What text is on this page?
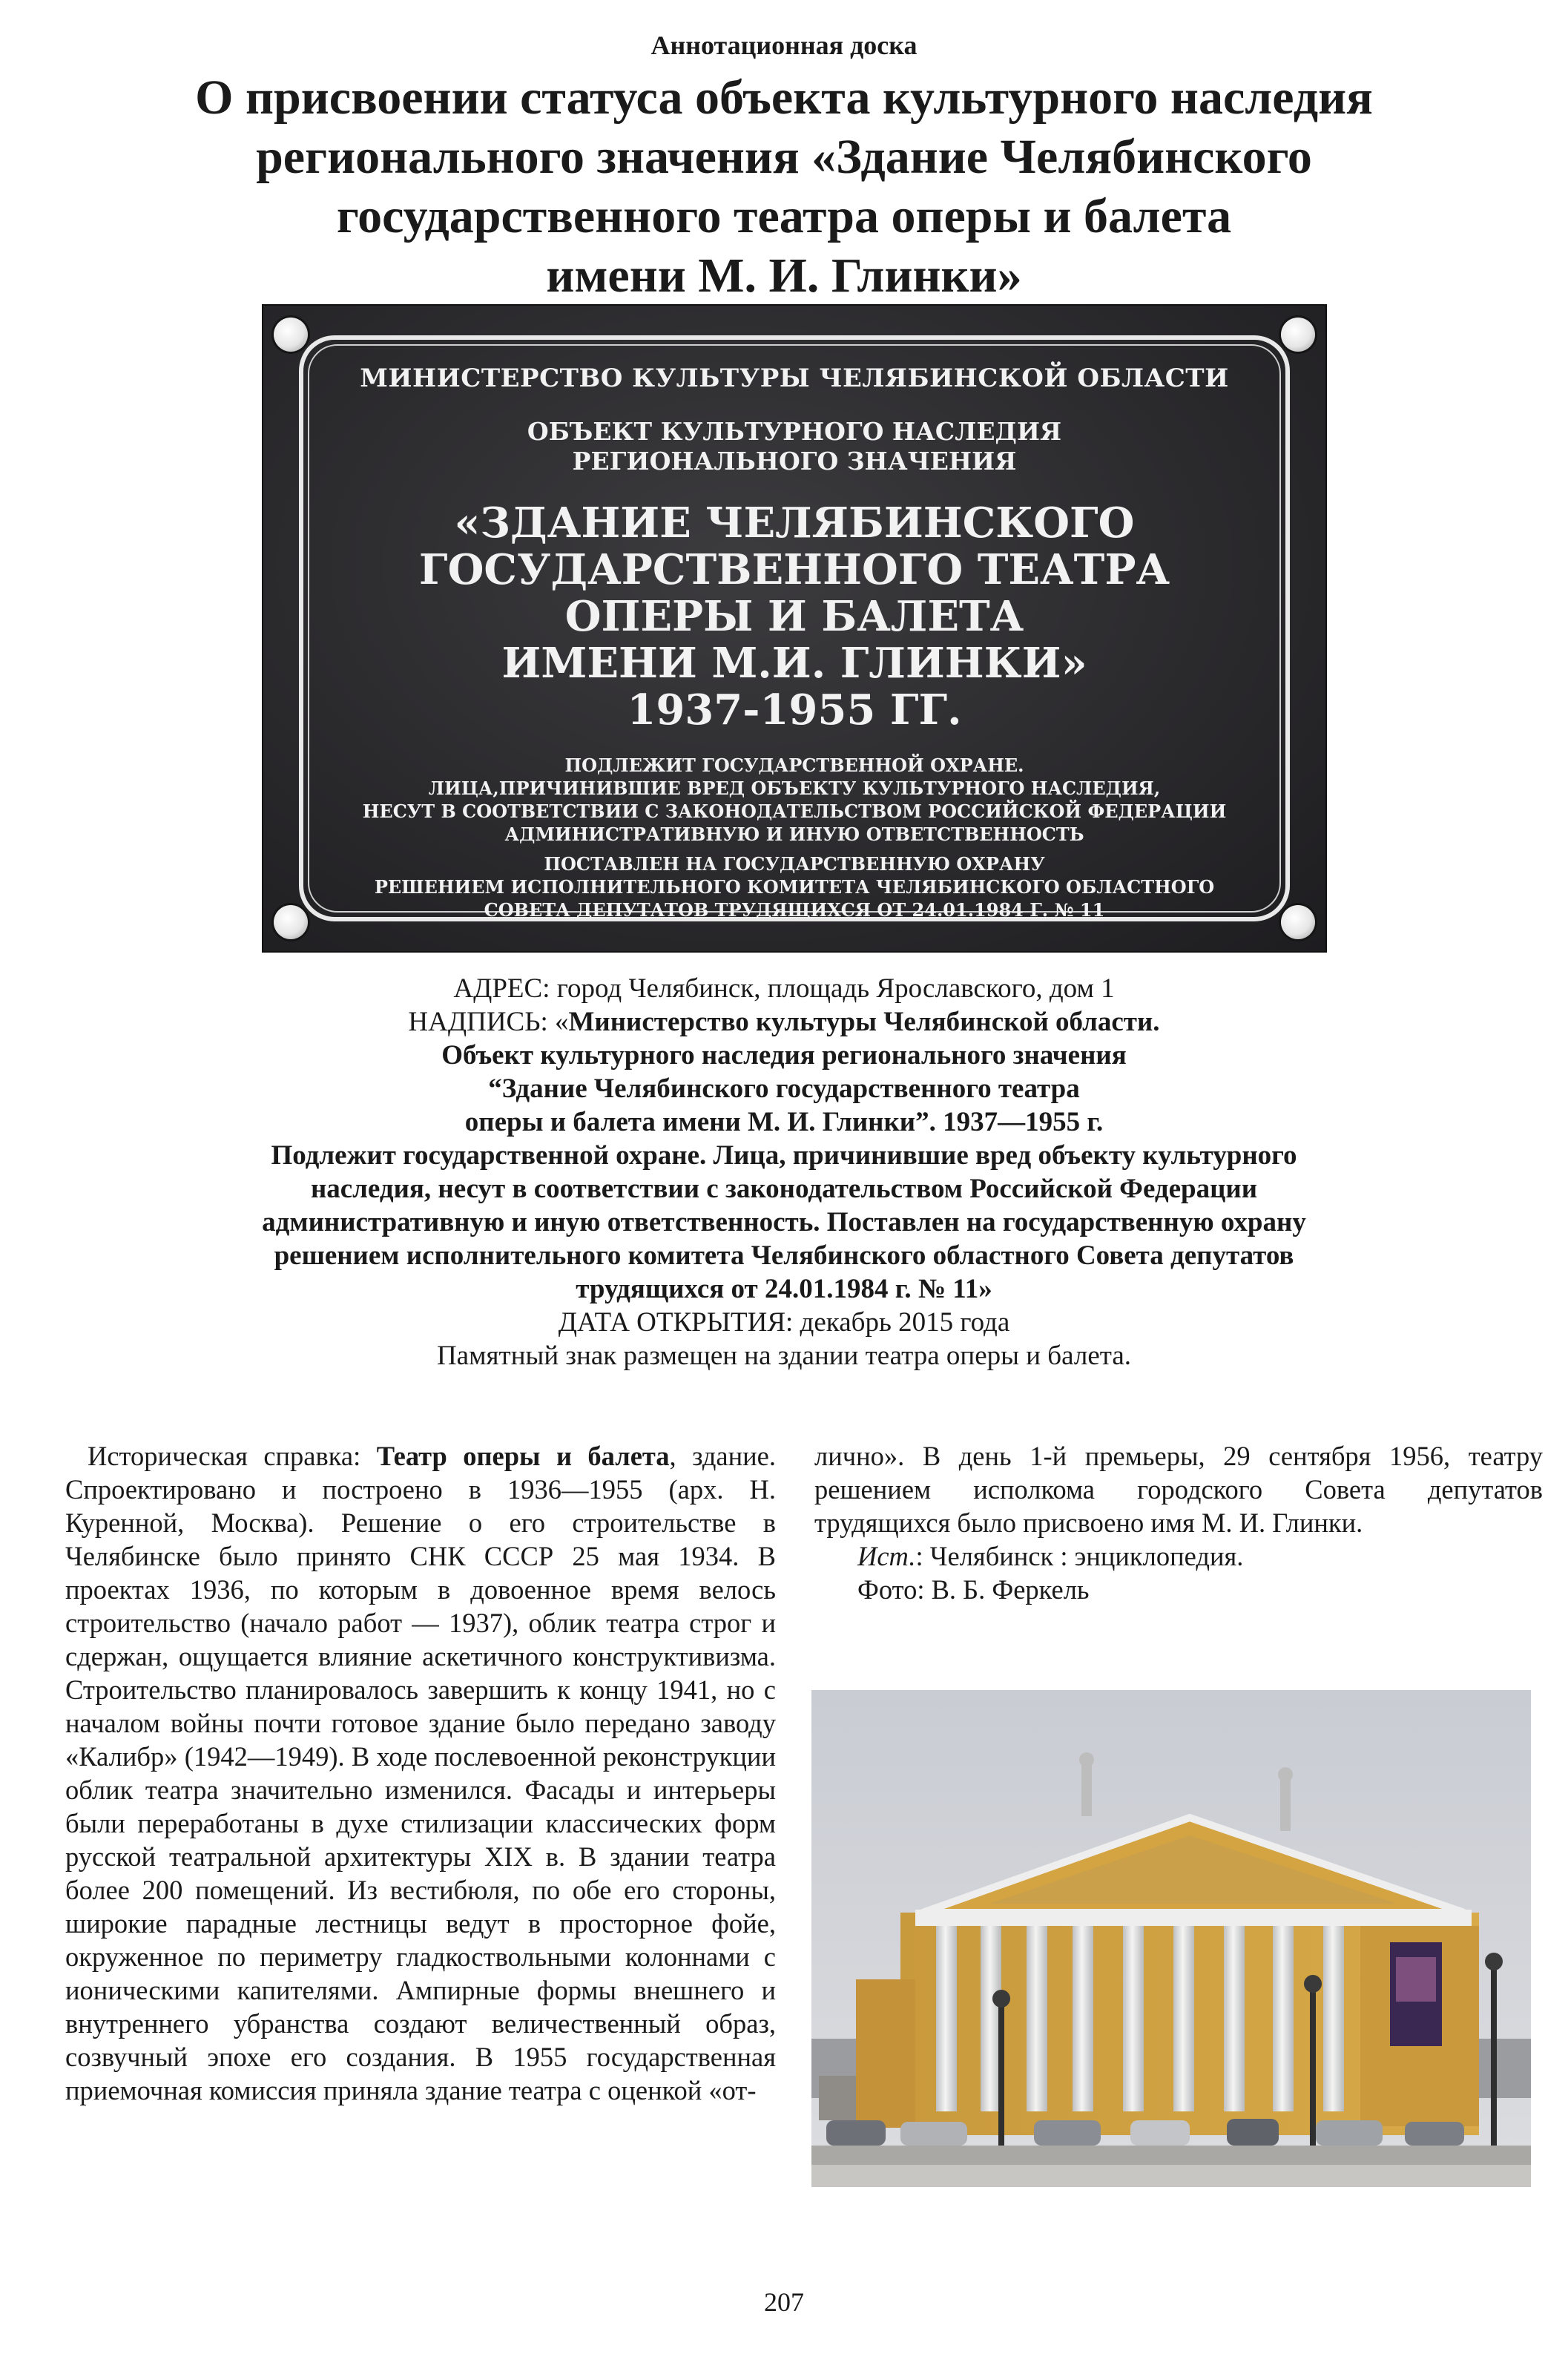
Аннотационная доска
О присвоении статуса объекта культурного наследия
регионального значения «Здание Челябинского
государственного театра оперы и балета
имени М. И. Глинки»
МИНИСТЕРСТВО КУЛЬТУРЫ ЧЕЛЯБИНСКОЙ ОБЛАСТИ
ОБЪЕКТ КУЛЬТУРНОГО НАСЛЕДИЯ
РЕГИОНАЛЬНОГО ЗНАЧЕНИЯ
«ЗДАНИЕ ЧЕЛЯБИНСКОГО
ГОСУДАРСТВЕННОГО ТЕАТРА
ОПЕРЫ И БАЛЕТА
ИМЕНИ М.И. ГЛИНКИ»
1937-1955 ГГ.
ПОДЛЕЖИТ ГОСУДАРСТВЕННОЙ ОХРАНЕ.
ЛИЦА,ПРИЧИНИВШИЕ ВРЕД ОБЪЕКТУ КУЛЬТУРНОГО НАСЛЕДИЯ,
НЕСУТ В СООТВЕТСТВИИ С ЗАКОНОДАТЕЛЬСТВОМ РОССИЙСКОЙ ФЕДЕРАЦИИ
АДМИНИСТРАТИВНУЮ И ИНУЮ ОТВЕТСТВЕННОСТЬ
ПОСТАВЛЕН НА ГОСУДАРСТВЕННУЮ ОХРАНУ
РЕШЕНИЕМ ИСПОЛНИТЕЛЬНОГО КОМИТЕТА ЧЕЛЯБИНСКОГО ОБЛАСТНОГО
СОВЕТА ДЕПУТАТОВ ТРУДЯЩИХСЯ ОТ 24.01.1984 Г. № 11
АДРЕС: город Челябинск, площадь Ярославского, дом 1
НАДПИСЬ: «Министерство культуры Челябинской области.
Объект культурного наследия регионального значения
“Здание Челябинского государственного театра
оперы и балета имени М. И. Глинки”. 1937—1955 г.
Подлежит государственной охране. Лица, причинившие вред объекту культурного
наследия, несут в соответствии с законодательством Российской Федерации
административную и иную ответственность. Поставлен на государственную охрану
решением исполнительного комитета Челябинского областного Совета депутатов
трудящихся от 24.01.1984 г. № 11»
ДАТА ОТКРЫТИЯ: декабрь 2015 года
Памятный знак размещен на здании театра оперы и балета.

Историческая справка: Театр оперы и балета, здание. Спроектировано и построено в 1936—1955 (арх. Н. Куренной, Москва). Решение о его строительстве в Челябинске было принято СНК СССР 25 мая 1934. В проектах 1936, по которым в довоенное время велось строительство (начало работ — 1937), облик театра строг и сдержан, ощущается влияние аскетичного конструктивизма. Строительство планировалось завершить к концу 1941, но с началом войны почти готовое здание было передано заводу «Калибр» (1942—1949). В ходе послевоенной реконструкции облик театра значительно изменился. Фасады и интерьеры были переработаны в духе стилизации классических форм русской театральной архитектуры XIX в. В здании театра более 200 помещений. Из вестибюля, по обе его стороны, широкие парадные лестницы ведут в просторное фойе, окруженное по периметру гладкоствольными колоннами с ионическими капителями. Ампирные формы внешнего и внутреннего убранства создают величественный образ, созвучный эпохе его создания. В 1955 государственная приемочная комиссия приняла здание театра с оценкой «от-

лично». В день 1-й премьеры, 29 сентября 1956, театру решением исполкома городского Совета депутатов трудящихся было присвоено имя М. И. Глинки.

Ист.: Челябинск : энциклопедия.

Фото: В. Б. Феркель

207
